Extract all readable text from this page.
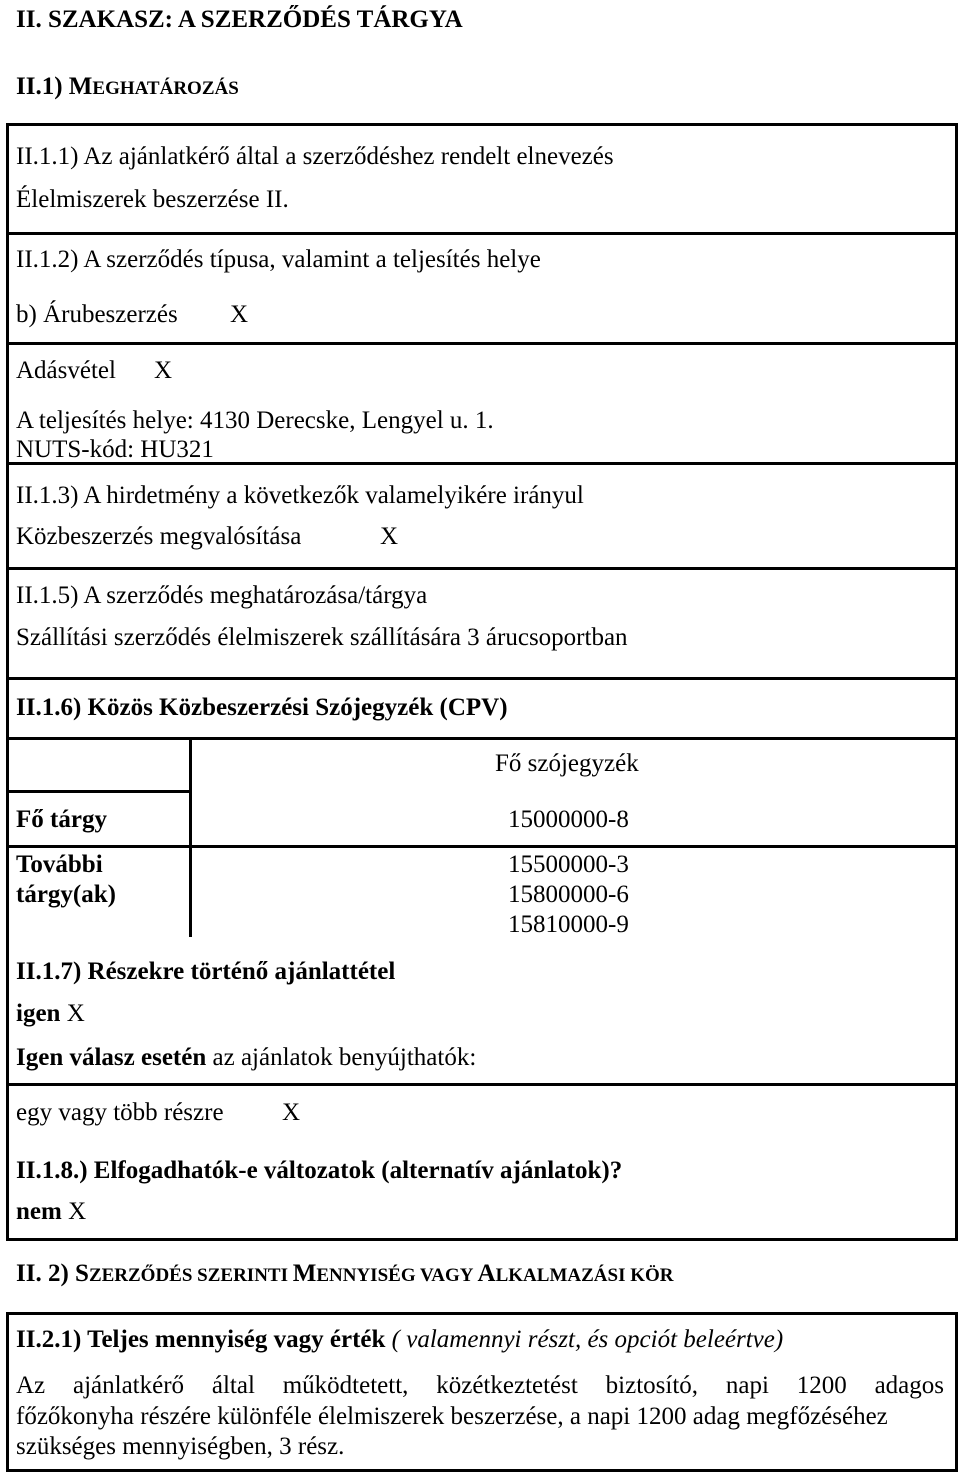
II. SZAKASZ: A SZERZŐDÉS TÁRGYA
II.1) MEGHATÁROZÁS
II.1.1) Az ajánlatkérő által a szerződéshez rendelt elnevezés
Élelmiszerek beszerzése II.
II.1.2) A szerződés típusa, valamint a teljesítés helye
b) Árubeszerzés X
Adásvétel X
A teljesítés helye: 4130 Derecske, Lengyel u. 1.
NUTS-kód: HU321
II.1.3) A hirdetmény a következők valamelyikére irányul
Közbeszerzés megvalósítása	X
II.1.5) A szerződés meghatározása/tárgya
Szállítási szerződés élelmiszerek szállítására 3 árucsoportban
II.1.6) Közös Közbeszerzési Szójegyzék (CPV)
Fő szójegyzék
Fő tárgy	15000000-8
További
tárgy(ak)
15500000-3
15800000-6
15810000-9
II.1.7) Részekre történő ajánlattétel
igen X
Igen válasz esetén az ajánlatok benyújthatók:
egy vagy több részre X
II.1.8.) Elfogadhatók-e változatok (alternatív ajánlatok)?
nem X
II. 2) SZERZŐDÉS SZERINTI MENNYISÉG VAGY ALKALMAZÁSI KÖR
II.2.1) Teljes mennyiség vagy érték ( valamennyi részt, és opciót beleértve)
Az ajánlatkérő által működtetett, közétkeztetést biztosító, napi 1200 adagos
főzőkonyha részére különféle élelmiszerek beszerzése, a napi 1200 adag megfőzéséhez
szükséges mennyiségben, 3 rész.
